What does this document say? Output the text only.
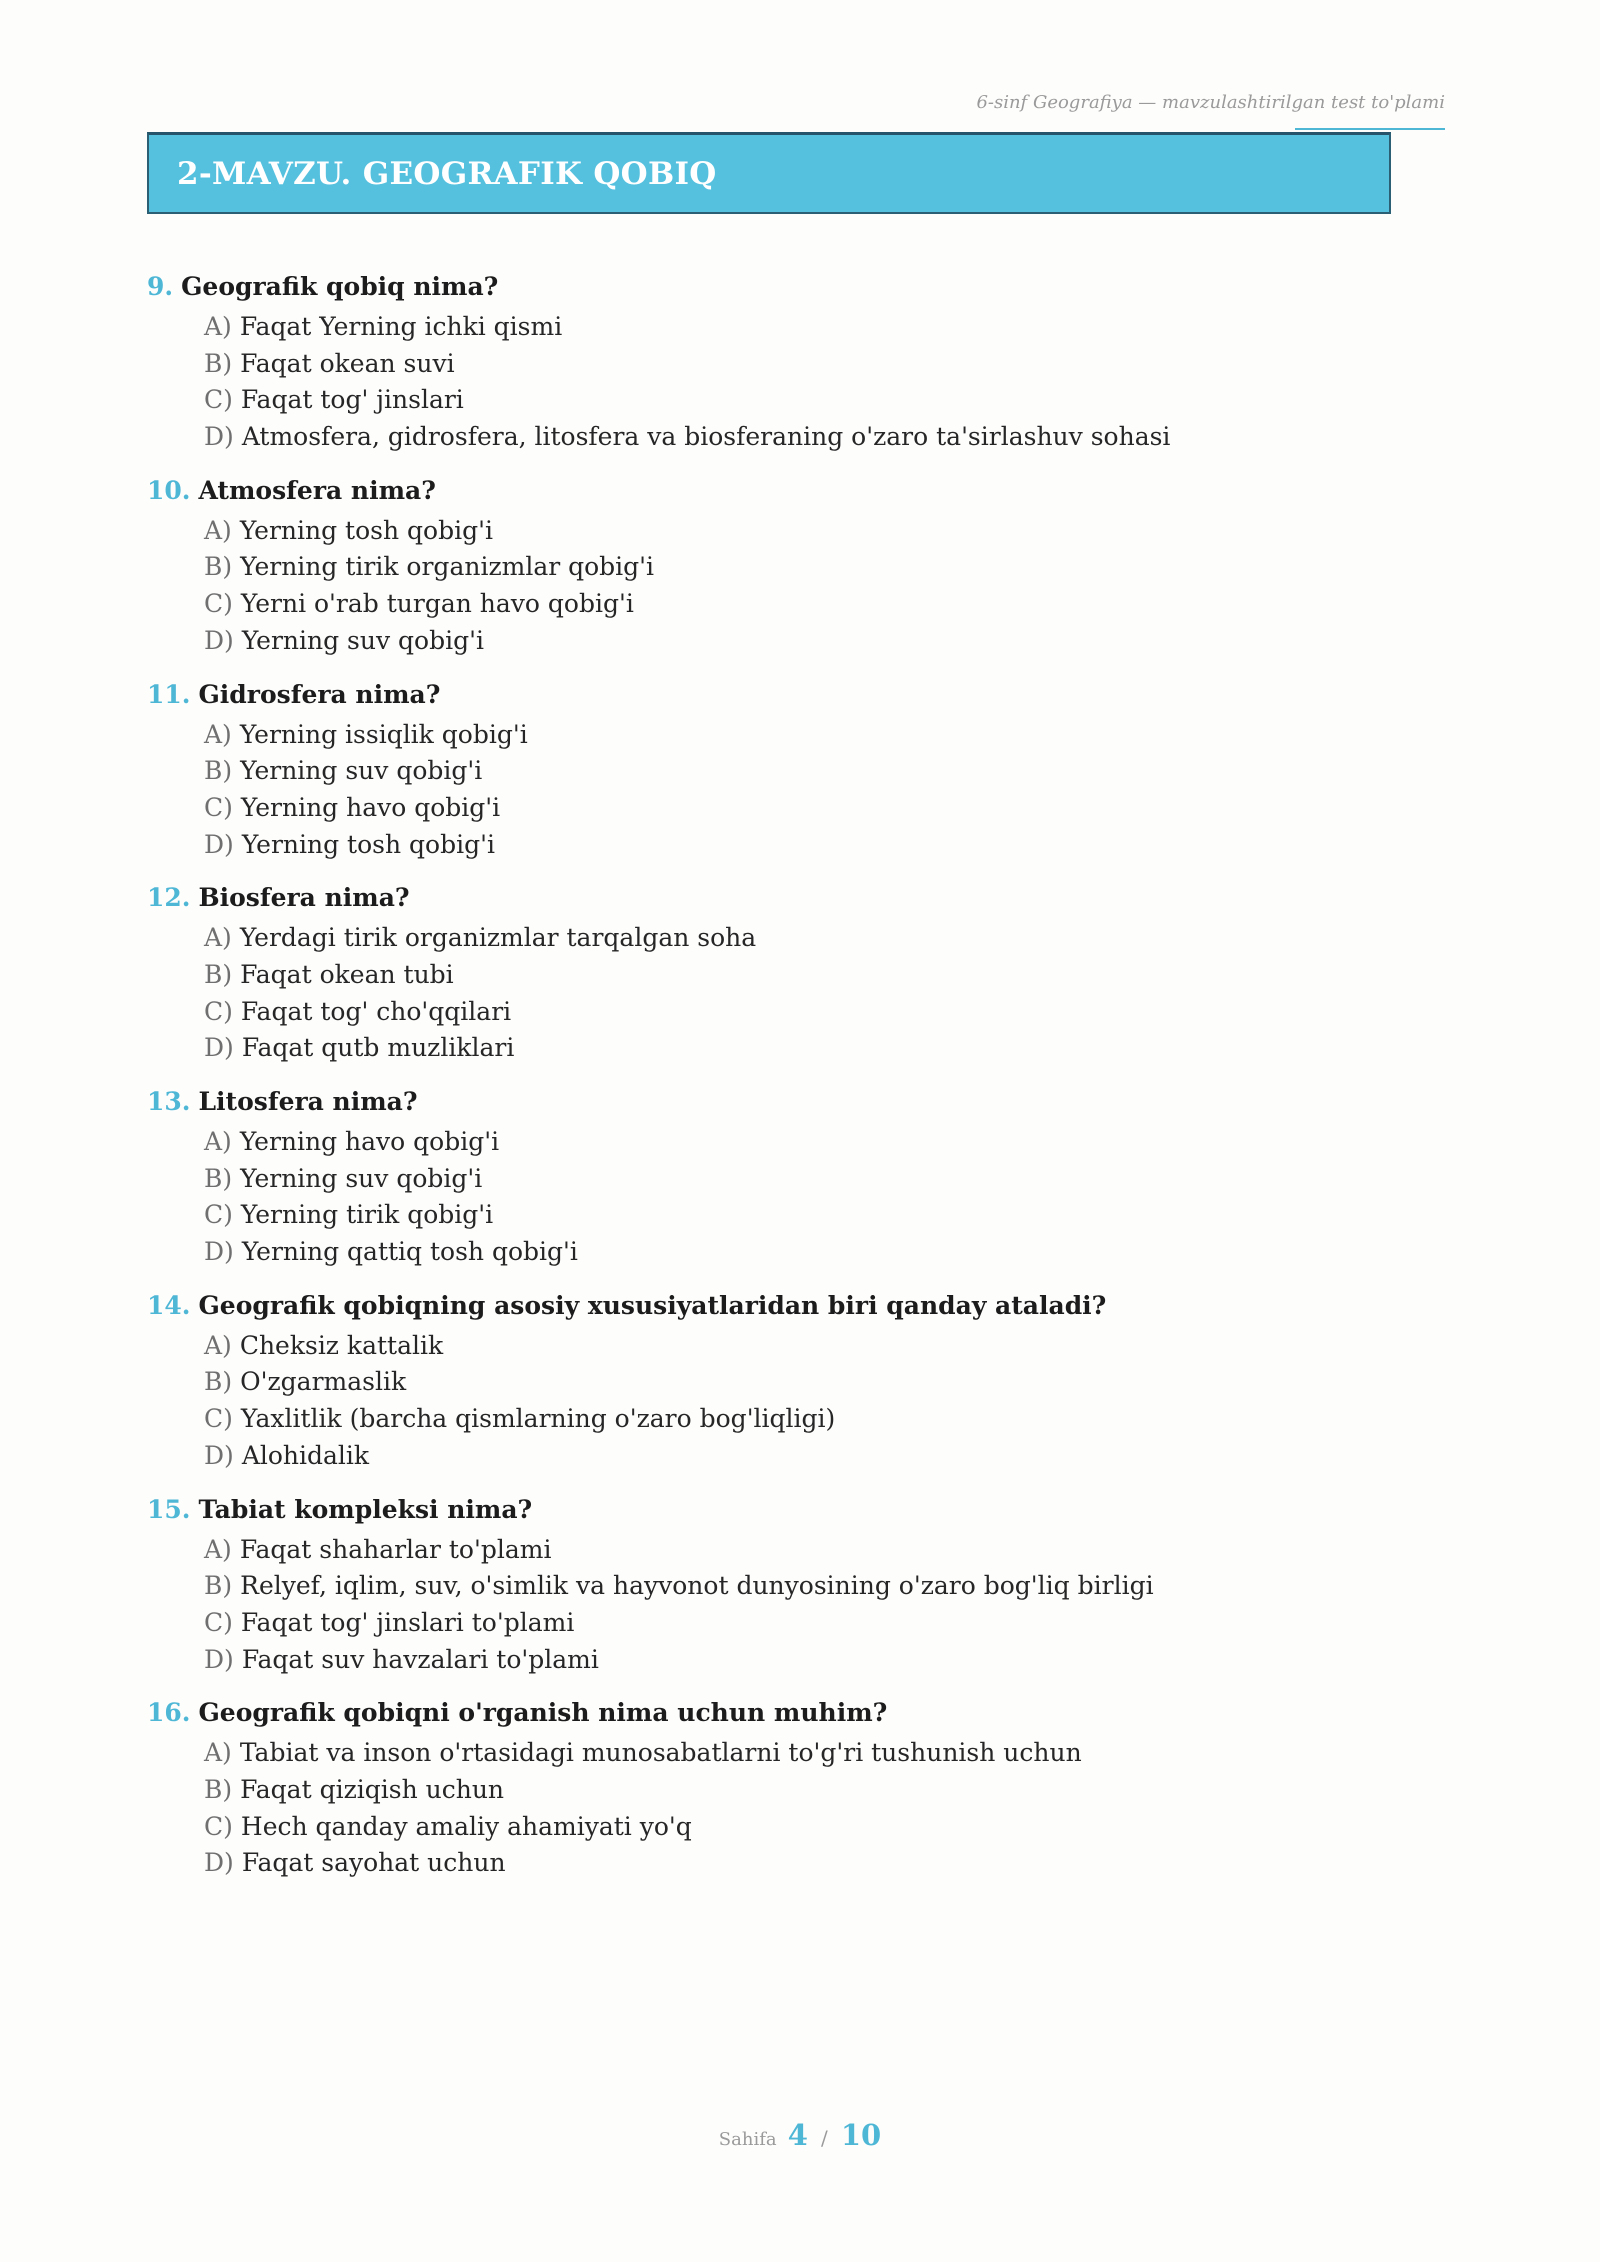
6-sinf Geografiya — mavzulashtirilgan test to'plami
2-MAVZU. GEOGRAFIK QOBIQ
9. Geografik qobiq nima?
A) Faqat Yerning ichki qismi
B) Faqat okean suvi
C) Faqat tog' jinslari
D) Atmosfera, gidrosfera, litosfera va biosferaning o'zaro ta'sirlashuv sohasi
10. Atmosfera nima?
A) Yerning tosh qobig'i
B) Yerning tirik organizmlar qobig'i
C) Yerni o'rab turgan havo qobig'i
D) Yerning suv qobig'i
11. Gidrosfera nima?
A) Yerning issiqlik qobig'i
B) Yerning suv qobig'i
C) Yerning havo qobig'i
D) Yerning tosh qobig'i
12. Biosfera nima?
A) Yerdagi tirik organizmlar tarqalgan soha
B) Faqat okean tubi
C) Faqat tog' cho'qqilari
D) Faqat qutb muzliklari
13. Litosfera nima?
A) Yerning havo qobig'i
B) Yerning suv qobig'i
C) Yerning tirik qobig'i
D) Yerning qattiq tosh qobig'i
14. Geografik qobiqning asosiy xususiyatlaridan biri qanday ataladi?
A) Cheksiz kattalik
B) O'zgarmaslik
C) Yaxlitlik (barcha qismlarning o'zaro bog'liqligi)
D) Alohidalik
15. Tabiat kompleksi nima?
A) Faqat shaharlar to'plami
B) Relyef, iqlim, suv, o'simlik va hayvonot dunyosining o'zaro bog'liq birligi
C) Faqat tog' jinslari to'plami
D) Faqat suv havzalari to'plami
16. Geografik qobiqni o'rganish nima uchun muhim?
A) Tabiat va inson o'rtasidagi munosabatlarni to'g'ri tushunish uchun
B) Faqat qiziqish uchun
C) Hech qanday amaliy ahamiyati yo'q
D) Faqat sayohat uchun
Sahifa 4 / 10
